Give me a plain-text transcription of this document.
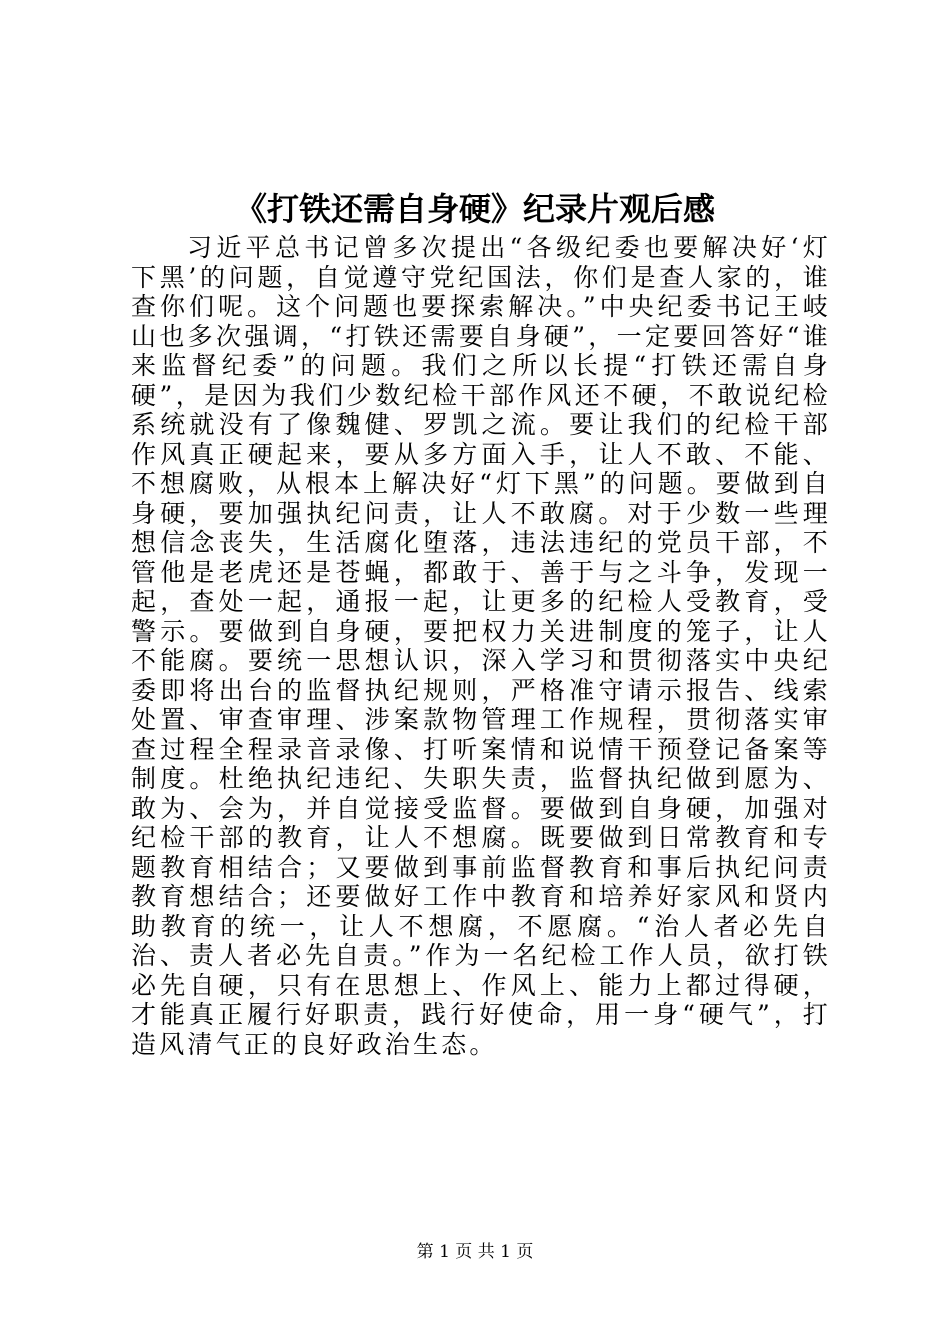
《打铁还需自身硬》纪录片观后感

习近平总书记曾多次提出“各级纪委也要解决好‘灯下黑’的问题，自觉遵守党纪国法，你们是查人家的，谁查你们呢。这个问题也要探索解决。”中央纪委书记王岐山也多次强调，“打铁还需要自身硬”，一定要回答好“谁来监督纪委”的问题。我们之所以长提“打铁还需自身硬”，是因为我们少数纪检干部作风还不硬，不敢说纪检系统就没有了像魏健、罗凯之流。要让我们的纪检干部作风真正硬起来，要从多方面入手，让人不敢、不能、不想腐败，从根本上解决好“灯下黑”的问题。要做到自身硬，要加强执纪问责，让人不敢腐。对于少数一些理想信念丧失，生活腐化堕落，违法违纪的党员干部，不管他是老虎还是苍蝇，都敢于、善于与之斗争，发现一起，查处一起，通报一起，让更多的纪检人受教育，受警示。要做到自身硬，要把权力关进制度的笼子，让人不能腐。要统一思想认识，深入学习和贯彻落实中央纪委即将出台的监督执纪规则，严格准守请示报告、线索处置、审查审理、涉案款物管理工作规程，贯彻落实审查过程全程录音录像、打听案情和说情干预登记备案等制度。杜绝执纪违纪、失职失责，监督执纪做到愿为、敢为、会为，并自觉接受监督。要做到自身硬，加强对纪检干部的教育，让人不想腐。既要做到日常教育和专题教育相结合；又要做到事前监督教育和事后执纪问责教育想结合；还要做好工作中教育和培养好家风和贤内助教育的统一，让人不想腐，不愿腐。“治人者必先自治、责人者必先自责。”作为一名纪检工作人员，欲打铁必先自硬，只有在思想上、作风上、能力上都过得硬，才能真正履行好职责，践行好使命，用一身“硬气”，打造风清气正的良好政治生态。

第 1 页 共 1 页
